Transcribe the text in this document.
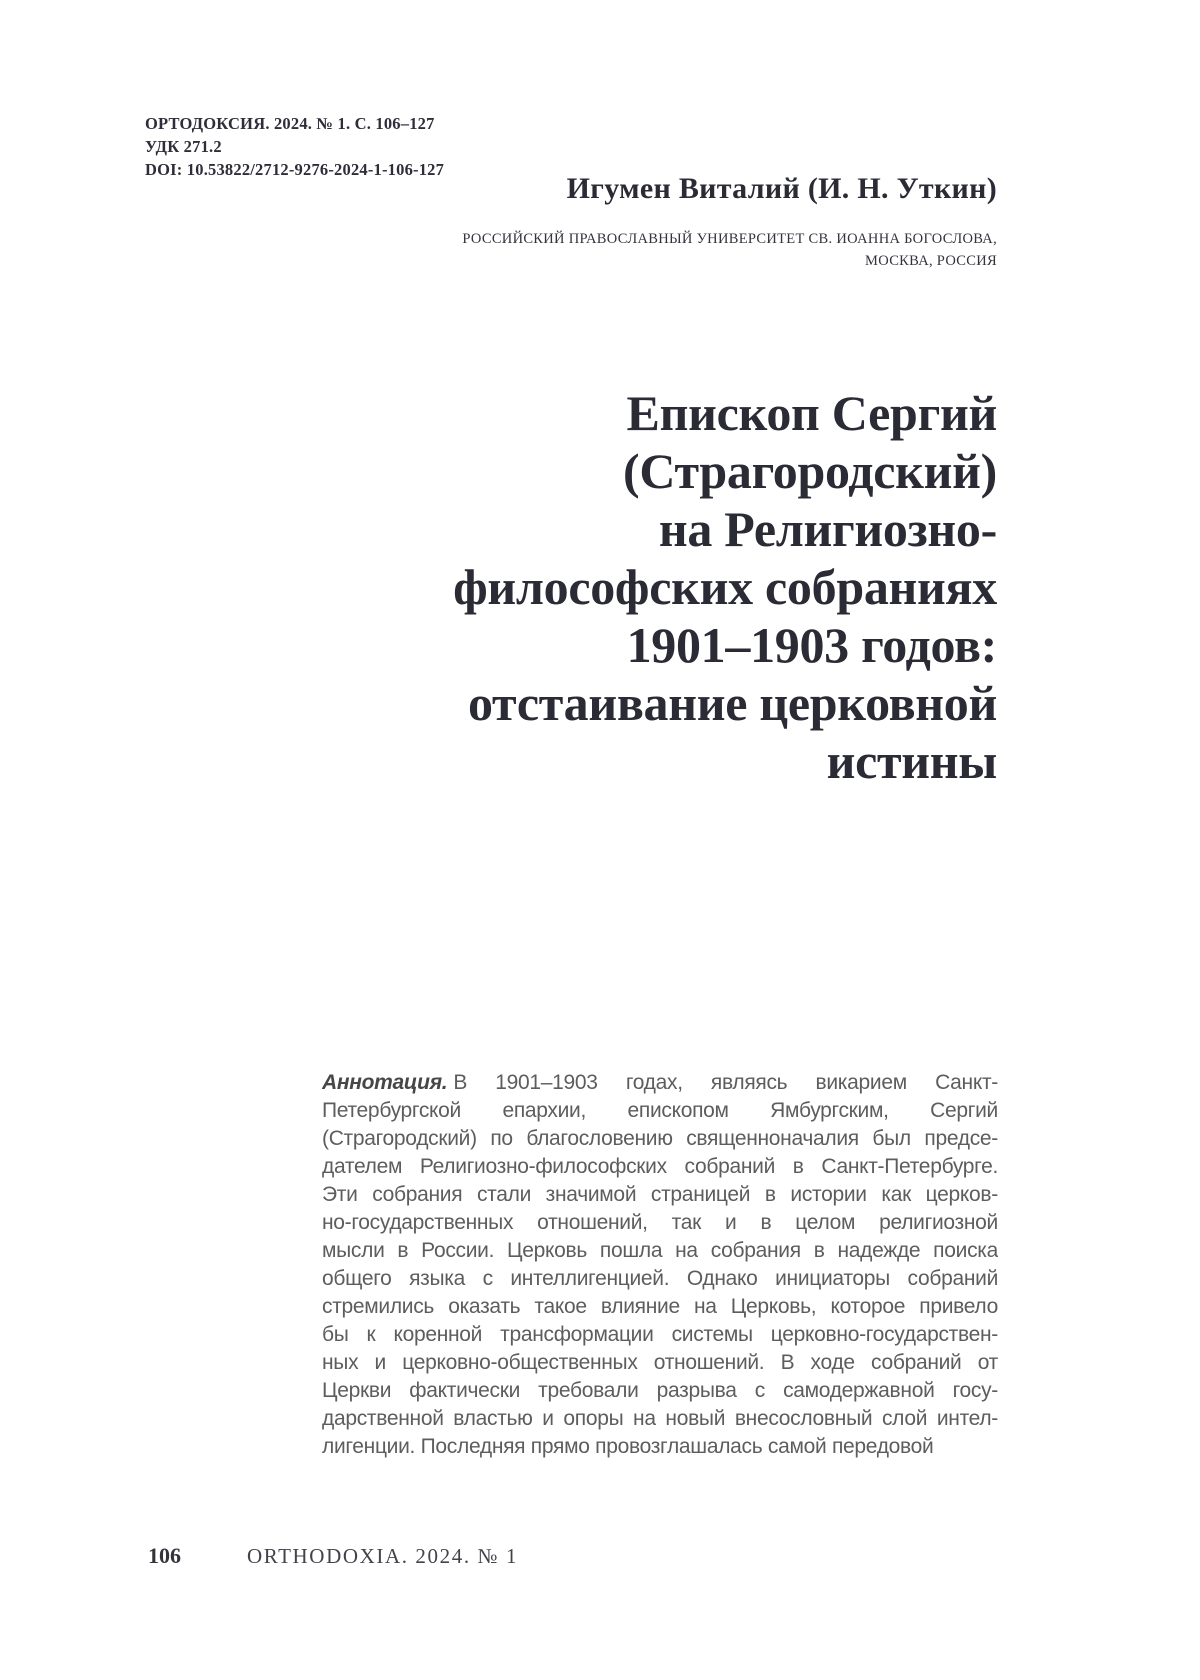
ОРТОДОКСИЯ. 2024. № 1. С. 106–127
УДК 271.2
DOI: 10.53822/2712-9276-2024-1-106-127
Игумен Виталий (И. Н. Уткин)
РОССИЙСКИЙ ПРАВОСЛАВНЫЙ УНИВЕРСИТЕТ СВ. ИОАННА БОГОСЛОВА,
МОСКВА, РОССИЯ
Епископ Сергий
(Страгородский)
на Религиозно-
философских собраниях
1901–1903 годов:
отстаивание церковной
истины
Аннотация. В 1901–1903 годах, являясь викарием Санкт-
Петербургской епархии, епископом Ямбургским, Сергий
(Страгородский) по благословению священноначалия был предсе-
дателем Религиозно-философских собраний в Санкт-Петербурге.
Эти собрания стали значимой страницей в истории как церков-
но-государственных отношений, так и в целом религиозной
мысли в России. Церковь пошла на собрания в надежде поиска
общего языка с интеллигенцией. Однако инициаторы собраний
стремились оказать такое влияние на Церковь, которое привело
бы к коренной трансформации системы церковно-государствен-
ных и церковно-общественных отношений. В ходе собраний от
Церкви фактически требовали разрыва с самодержавной госу-
дарственной властью и опоры на новый внесословный слой интел-
лигенции. Последняя прямо провозглашалась самой передовой
106	ORTHODOXIA. 2024. № 1
